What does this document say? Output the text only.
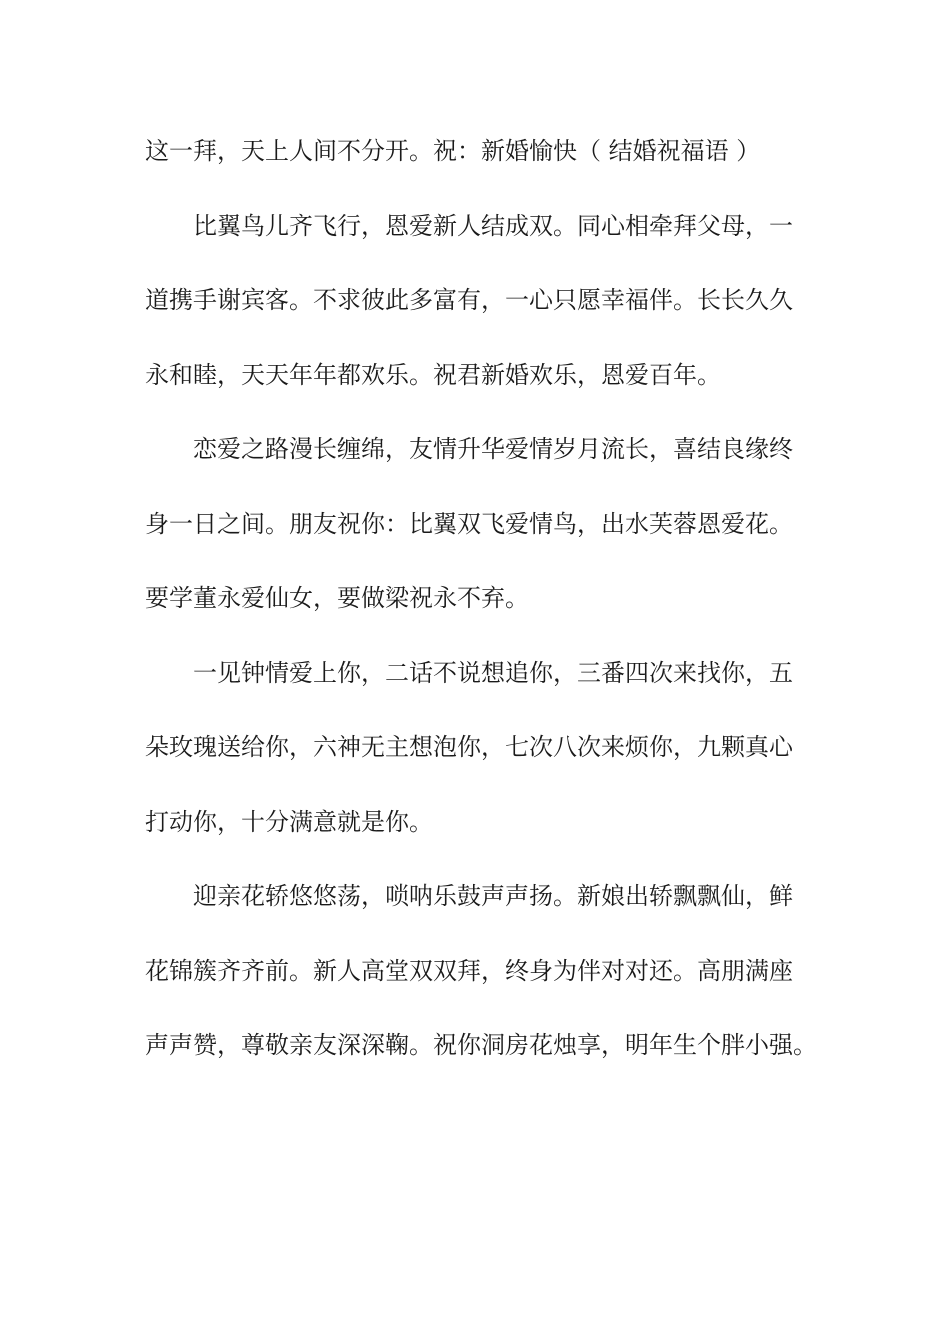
这一拜，天上人间不分开。祝：新婚愉快（ 结婚祝福语 ）
比翼鸟儿齐飞行，恩爱新人结成双。同心相牵拜父母，一
道携手谢宾客。不求彼此多富有，一心只愿幸福伴。长长久久
永和睦，天天年年都欢乐。祝君新婚欢乐，恩爱百年。
恋爱之路漫长缠绵，友情升华爱情岁月流长，喜结良缘终
身一日之间。朋友祝你：比翼双飞爱情鸟，出水芙蓉恩爱花。
要学董永爱仙女，要做梁祝永不弃。
一见钟情爱上你，二话不说想追你，三番四次来找你，五
朵玫瑰送给你，六神无主想泡你，七次八次来烦你，九颗真心
打动你，十分满意就是你。
迎亲花轿悠悠荡，唢呐乐鼓声声扬。新娘出轿飘飘仙，鲜
花锦簇齐齐前。新人高堂双双拜，终身为伴对对还。高朋满座
声声赞，尊敬亲友深深鞠。祝你洞房花烛享，明年生个胖小强。
